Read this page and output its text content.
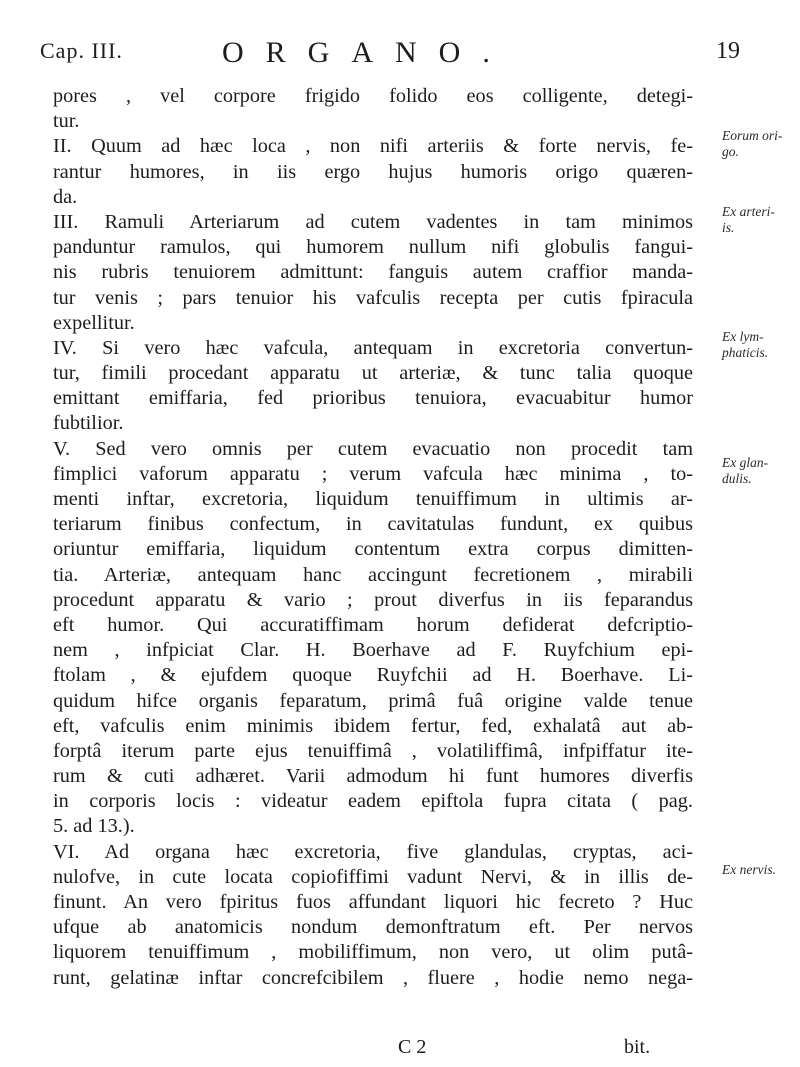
Cap. III.	ORGANO.	19
pores , vel corpore frigido folido eos colligente, detegi-
tur.
II. Quum ad hæc loca , non nifi arteriis & forte nervis, fe-
rantur humores, in iis ergo hujus humoris origo quæren-
da.
III. Ramuli Arteriarum ad cutem vadentes in tam minimos
panduntur ramulos, qui humorem nullum nifi globulis fangui-
nis rubris tenuiorem admittunt: fanguis autem craffior manda-
tur venis ; pars tenuior his vafculis recepta per cutis fpiracula
expellitur.
IV. Si vero hæc vafcula, antequam in excretoria convertun-
tur, fimili procedant apparatu ut arteriæ, & tunc talia quoque
emittant emiffaria, fed prioribus tenuiora, evacuabitur humor
fubtilior.
V. Sed vero omnis per cutem evacuatio non procedit tam
fimplici vaforum apparatu ; verum vafcula hæc minima , to-
menti inftar, excretoria, liquidum tenuiffimum in ultimis ar-
teriarum finibus confectum, in cavitatulas fundunt, ex quibus
oriuntur emiffaria, liquidum contentum extra corpus dimitten-
tia. Arteriæ, antequam hanc accingunt fecretionem , mirabili
procedunt apparatu & vario ; prout diverfus in iis feparandus
eft humor. Qui accuratiffimam horum defiderat defcriptio-
nem , infpiciat Clar. H. Boerhave ad F. Ruyfchium epi-
ftolam , & ejufdem quoque Ruyfchii ad H. Boerhave. Li-
quidum hifce organis feparatum, primâ fuâ origine valde tenue
eft, vafculis enim minimis ibidem fertur, fed, exhalatâ aut ab-
forptâ iterum parte ejus tenuiffimâ , volatiliffimâ, infpiffatur ite-
rum & cuti adhæret. Varii admodum hi funt humores diverfis
in corporis locis : videatur eadem epiftola fupra citata ( pag.
5. ad 13.).
VI. Ad organa hæc excretoria, five glandulas, cryptas, aci-
nulofve, in cute locata copiofiffimi vadunt Nervi, & in illis de-
finunt. An vero fpiritus fuos affundant liquori hic fecreto ? Huc
ufque ab anatomicis nondum demonftratum eft. Per nervos
liquorem tenuiffimum , mobiliffimum, non vero, ut olim putâ-
runt, gelatinæ inftar concrefcibilem , fluere , hodie nemo nega-
Eorum ori-
go.
Ex arteri-
is.
Ex lym-
phaticis.
Ex glan-
dulis.
Ex nervis.
C 2	bit.
